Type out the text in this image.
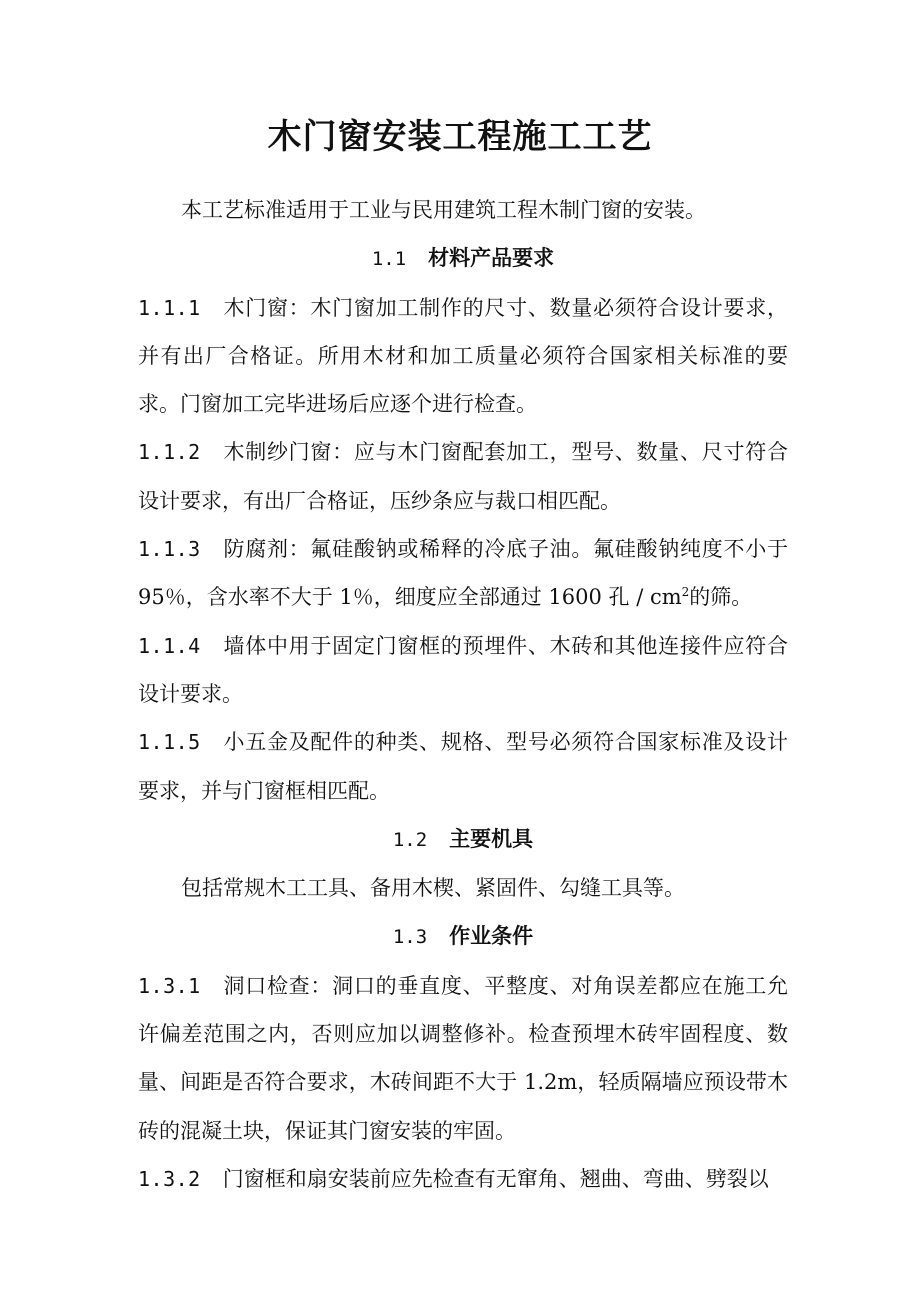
木门窗安装工程施工工艺

本工艺标准适用于工业与民用建筑工程木制门窗的安装。

1.1 材料产品要求

1.1.1 木门窗：木门窗加工制作的尺寸、数量必须符合设计要求，并有出厂合格证。所用木材和加工质量必须符合国家相关标准的要求。门窗加工完毕进场后应逐个进行检查。

1.1.2 木制纱门窗：应与木门窗配套加工，型号、数量、尺寸符合设计要求，有出厂合格证，压纱条应与裁口相匹配。

1.1.3 防腐剂：氟硅酸钠或稀释的冷底子油。氟硅酸钠纯度不小于 95％，含水率不大于 1％，细度应全部通过 1600 孔 / $cm^2$的筛。

1.1.4 墙体中用于固定门窗框的预埋件、木砖和其他连接件应符合设计要求。

1.1.5 小五金及配件的种类、规格、型号必须符合国家标准及设计要求，并与门窗框相匹配。

1.2 主要机具

包括常规木工工具、备用木楔、紧固件、勾缝工具等。

1.3 作业条件

1.3.1 洞口检查：洞口的垂直度、平整度、对角误差都应在施工允许偏差范围之内，否则应加以调整修补。检查预埋木砖牢固程度、数量、间距是否符合要求，木砖间距不大于 1.2m，轻质隔墙应预设带木砖的混凝土块，保证其门窗安装的牢固。

1.3.2 门窗框和扇安装前应先检查有无窜角、翘曲、弯曲、劈裂以
